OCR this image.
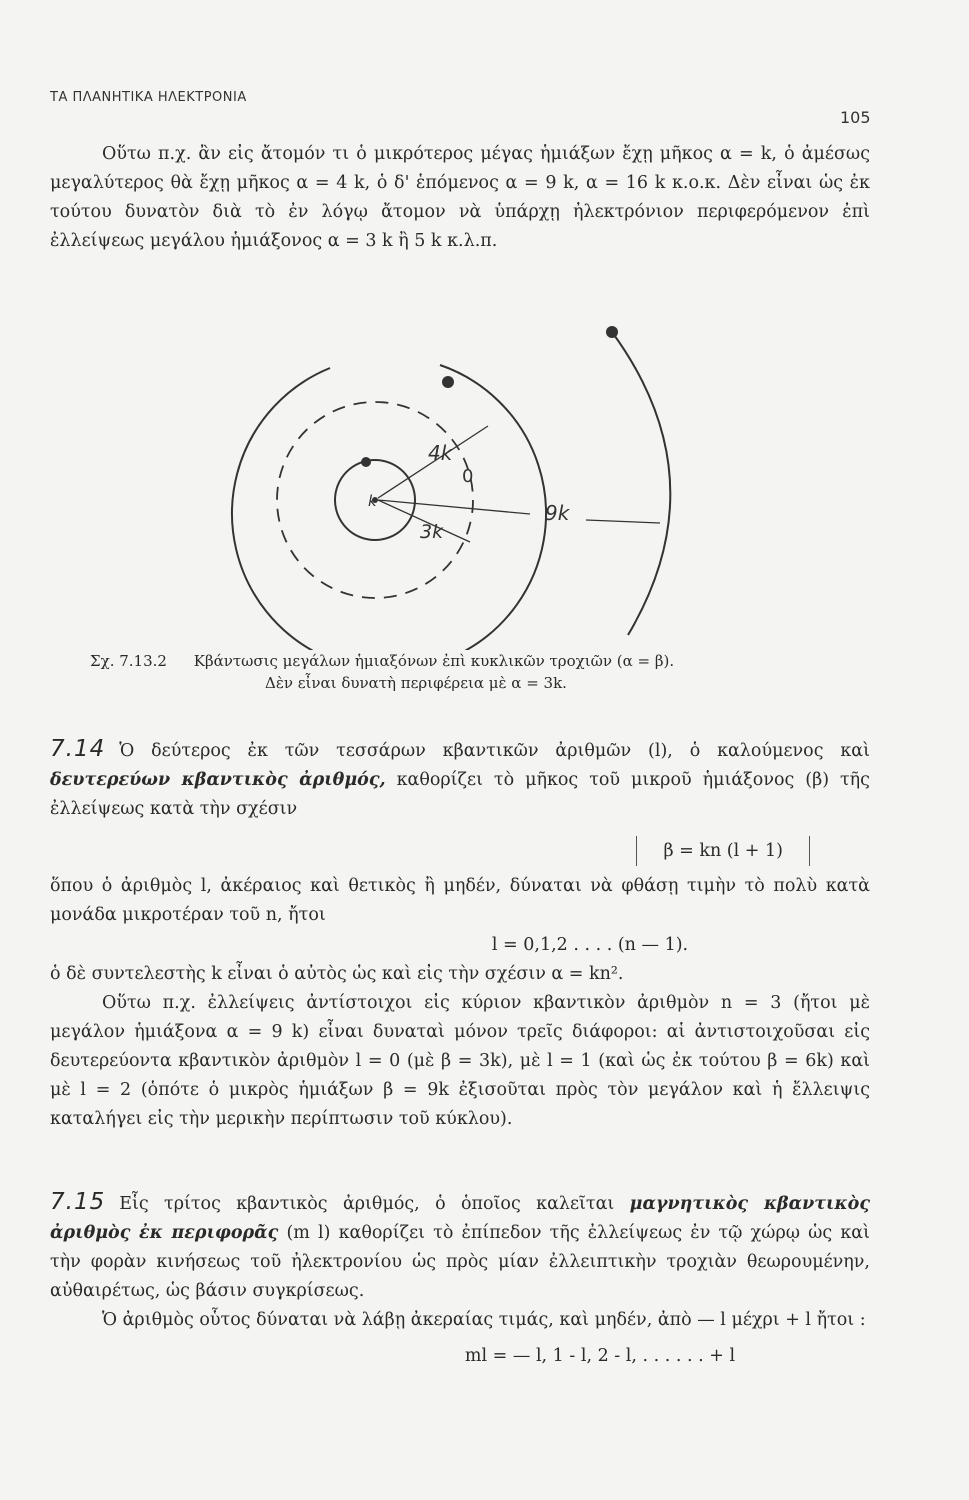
ΤΑ ΠΛΑΝΗΤΙΚΑ ΗΛΕΚΤΡΟΝΙΑ
105

Οὕτω π.χ. ἂν εἰς ἄτομόν τι ὁ μικρότερος μέγας ἡμιάξων ἔχῃ μῆκος α = k, ὁ ἀμέσως μεγαλύτερος θὰ ἔχῃ μῆκος α = 4 k, ὁ δ' ἑπόμενος α = 9 k, α = 16 k κ.ο.κ. Δὲν εἶναι ὡς ἐκ τούτου δυνατὸν διὰ τὸ ἐν λόγῳ ἄτομον νὰ ὑπάρχῃ ἠλεκτρόνιον περιφερόμενον ἐπὶ ἐλλείψεως μεγάλου ἡμιάξονος α = 3 k ἢ 5 k κ.λ.π.

k
4k
3k
9k
0
Σχ. 7.13.2 Κβάντωσις μεγάλων ἡμιαξόνων ἐπὶ κυκλικῶν τροχιῶν (α = β).
Δὲν εἶναι δυνατὴ περιφέρεια μὲ α = 3k.

7.14 Ὁ δεύτερος ἐκ τῶν τεσσάρων κβαντικῶν ἀριθμῶν (l), ὁ καλούμενος καὶ δευτερεύων κβαντικὸς ἀριθμός, καθορίζει τὸ μῆκος τοῦ μικροῦ ἡμιάξονος (β) τῆς ἐλλείψεως κατὰ τὴν σχέσιν

β = kn (l + 1)

ὅπου ὁ ἀριθμὸς l, ἀκέραιος καὶ θετικὸς ἢ μηδέν, δύναται νὰ φθάσῃ τιμὴν τὸ πολὺ κατὰ μονάδα μικροτέραν τοῦ n, ἤτοι

l = 0,1,2 . . . . (n — 1).

ὁ δὲ συντελεστὴς k εἶναι ὁ αὐτὸς ὡς καὶ εἰς τὴν σχέσιν α = kn².

Οὕτω π.χ. ἐλλείψεις ἀντίστοιχοι εἰς κύριον κβαντικὸν ἀριθμὸν n = 3 (ἤτοι μὲ μεγάλον ἡμιάξονα α = 9 k) εἶναι δυναταὶ μόνον τρεῖς διάφοροι: αἱ ἀντιστοιχοῦσαι εἰς δευτερεύοντα κβαντικὸν ἀριθμὸν l = 0 (μὲ β = 3k), μὲ l = 1 (καὶ ὡς ἐκ τούτου β = 6k) καὶ μὲ l = 2 (ὁπότε ὁ μικρὸς ἡμιάξων β = 9k ἐξισοῦται πρὸς τὸν μεγάλον καὶ ἡ ἔλλειψις καταλήγει εἰς τὴν μερικὴν περίπτωσιν τοῦ κύκλου).

7.15 Εἷς τρίτος κβαντικὸς ἀριθμός, ὁ ὁποῖος καλεῖται μαγνητικὸς κβαντικὸς ἀριθμὸς ἐκ περιφορᾶς (m l) καθορίζει τὸ ἐπίπεδον τῆς ἐλλείψεως ἐν τῷ χώρῳ ὡς καὶ τὴν φορὰν κινήσεως τοῦ ἠλεκτρονίου ὡς πρὸς μίαν ἐλλειπτικὴν τροχιὰν θεωρουμένην, αὐθαιρέτως, ὡς βάσιν συγκρίσεως.

Ὁ ἀριθμὸς οὗτος δύναται νὰ λάβῃ ἀκεραίας τιμάς, καὶ μηδέν, ἀπὸ — l μέχρι + l ἤτοι :

ml = — l, 1 - l, 2 - l, . . . . . . + l
